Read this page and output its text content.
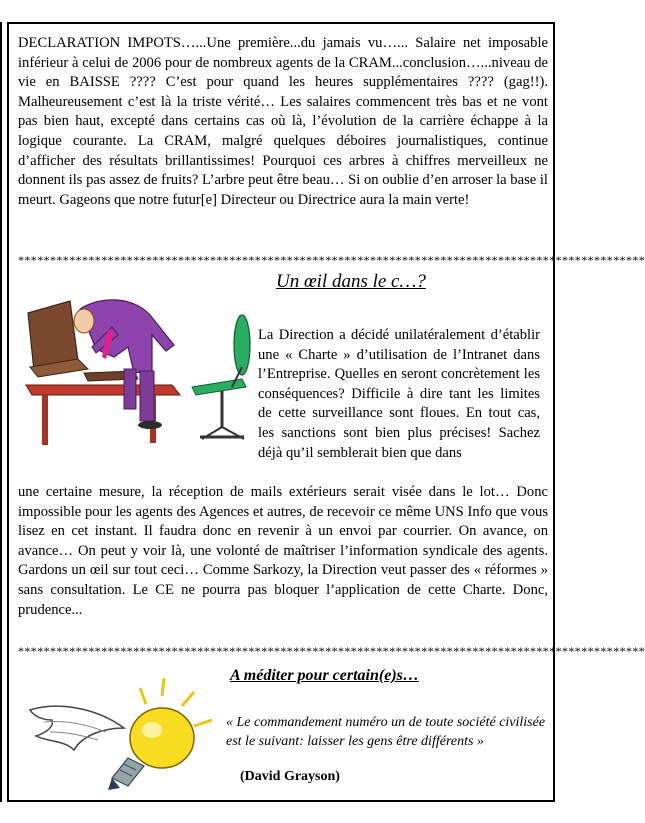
DECLARATION IMPOTS…...Une première...du jamais vu…... Salaire net imposable inférieur à celui de 2006 pour de nombreux agents de la CRAM...conclusion…...niveau de vie en BAISSE ???? C’est pour quand les heures supplémentaires ???? (gag!!). Malheureusement c’est là la triste vérité… Les salaires commencent très bas et ne vont pas bien haut, excepté dans certains cas où là, l’évolution de la carrière échappe à la logique courante. La CRAM, malgré quelques déboires journalistiques, continue d’afficher des résultats brillantissimes! Pourquoi ces arbres à chiffres merveilleux ne donnent ils pas assez de fruits? L’arbre peut être beau… Si on oublie d’en arroser la base il meurt. Gageons que notre futur[e] Directeur ou Directrice aura la main verte!
**************************************************************************************************
Un œil dans le c…?
La Direction a décidé unilatéralement d’établir une « Charte » d’utilisation de l’Intranet dans l’Entreprise. Quelles en seront concrètement les conséquences? Difficile à dire tant les limites de cette surveillance sont floues. En tout cas, les sanctions sont bien plus précises! Sachez déjà qu’il semblerait bien que dans
une certaine mesure, la réception de mails extérieurs serait visée dans le lot… Donc impossible pour les agents des Agences et autres, de recevoir ce même UNS Info que vous lisez en cet instant. Il faudra donc en revenir à un envoi par courrier. On avance, on avance… On peut y voir là, une volonté de maîtriser l’information syndicale des agents. Gardons un œil sur tout ceci… Comme Sarkozy, la Direction veut passer des « réformes » sans consultation. Le CE ne pourra pas bloquer l’application de cette Charte. Donc, prudence...
**************************************************************************************************
A méditer pour certain(e)s…
« Le commandement numéro un de toute société civilisée est le suivant: laisser les gens être différents »
(David Grayson)
